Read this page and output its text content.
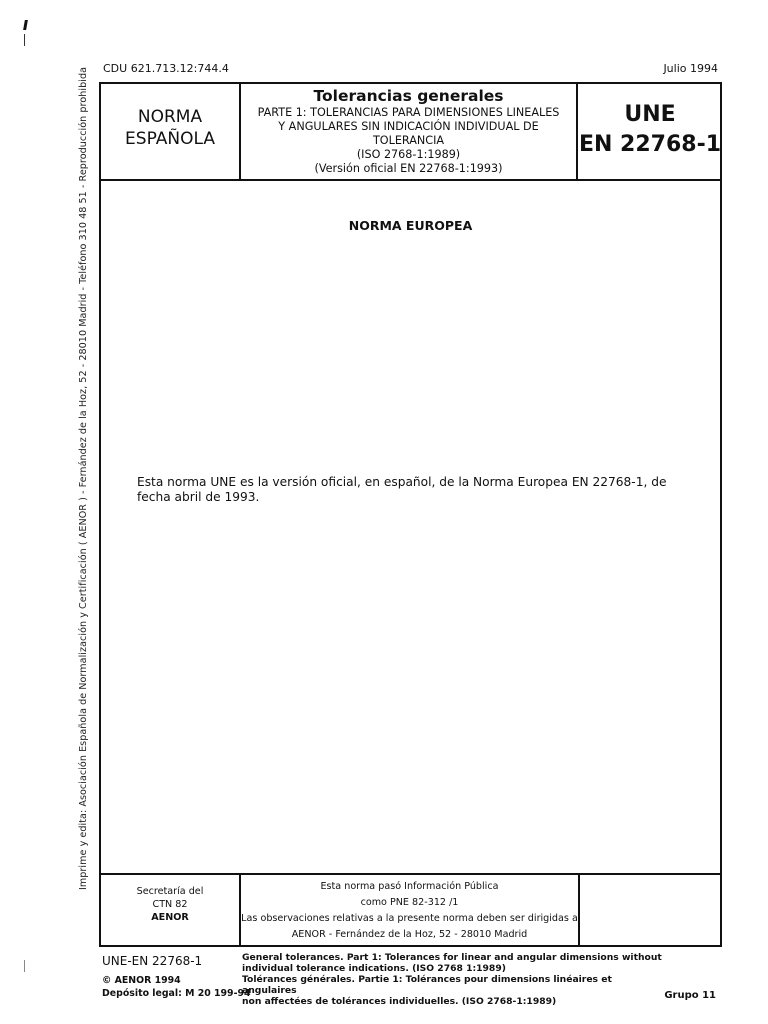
Imprime y edita: Asociación Española de Normalización y Certificación ( AENOR ) - Fernández de la Hoz, 52 - 28010 Madrid - Teléfono 310 48 51 - Reproducción prohibida CDU 621.713.12:744.4	Julio 1994
NORMA
ESPAÑOLA
Tolerancias generales
PARTE 1: TOLERANCIAS PARA DIMENSIONES LINEALES
Y ANGULARES SIN INDICACIÓN INDIVIDUAL DE
TOLERANCIA
(ISO 2768-1:1989)
(Versión oficial EN 22768-1:1993)
UNE
EN 22768-1
NORMA EUROPEA
Esta norma UNE es la versión oficial, en español, de la Norma Europea EN 22768-1, de fecha abril de 1993.
Secretaría del
CTN 82
AENOR
Esta norma pasó Información Pública
como PNE 82-312 /1
Las observaciones relativas a la presente norma deben ser dirigidas a
AENOR - Fernández de la Hoz, 52 - 28010 Madrid
UNE-EN 22768-1
© AENOR 1994
Depósito legal: M 20 199-94
General tolerances. Part 1: Tolerances for linear and angular dimensions without
individual tolerance indications. (ISO 2768 1:1989)
Tolérances générales. Partie 1: Tolérances pour dimensions linéaires et angulaires
non affectées de tolérances individuelles. (ISO 2768-1:1989)
Grupo 11
